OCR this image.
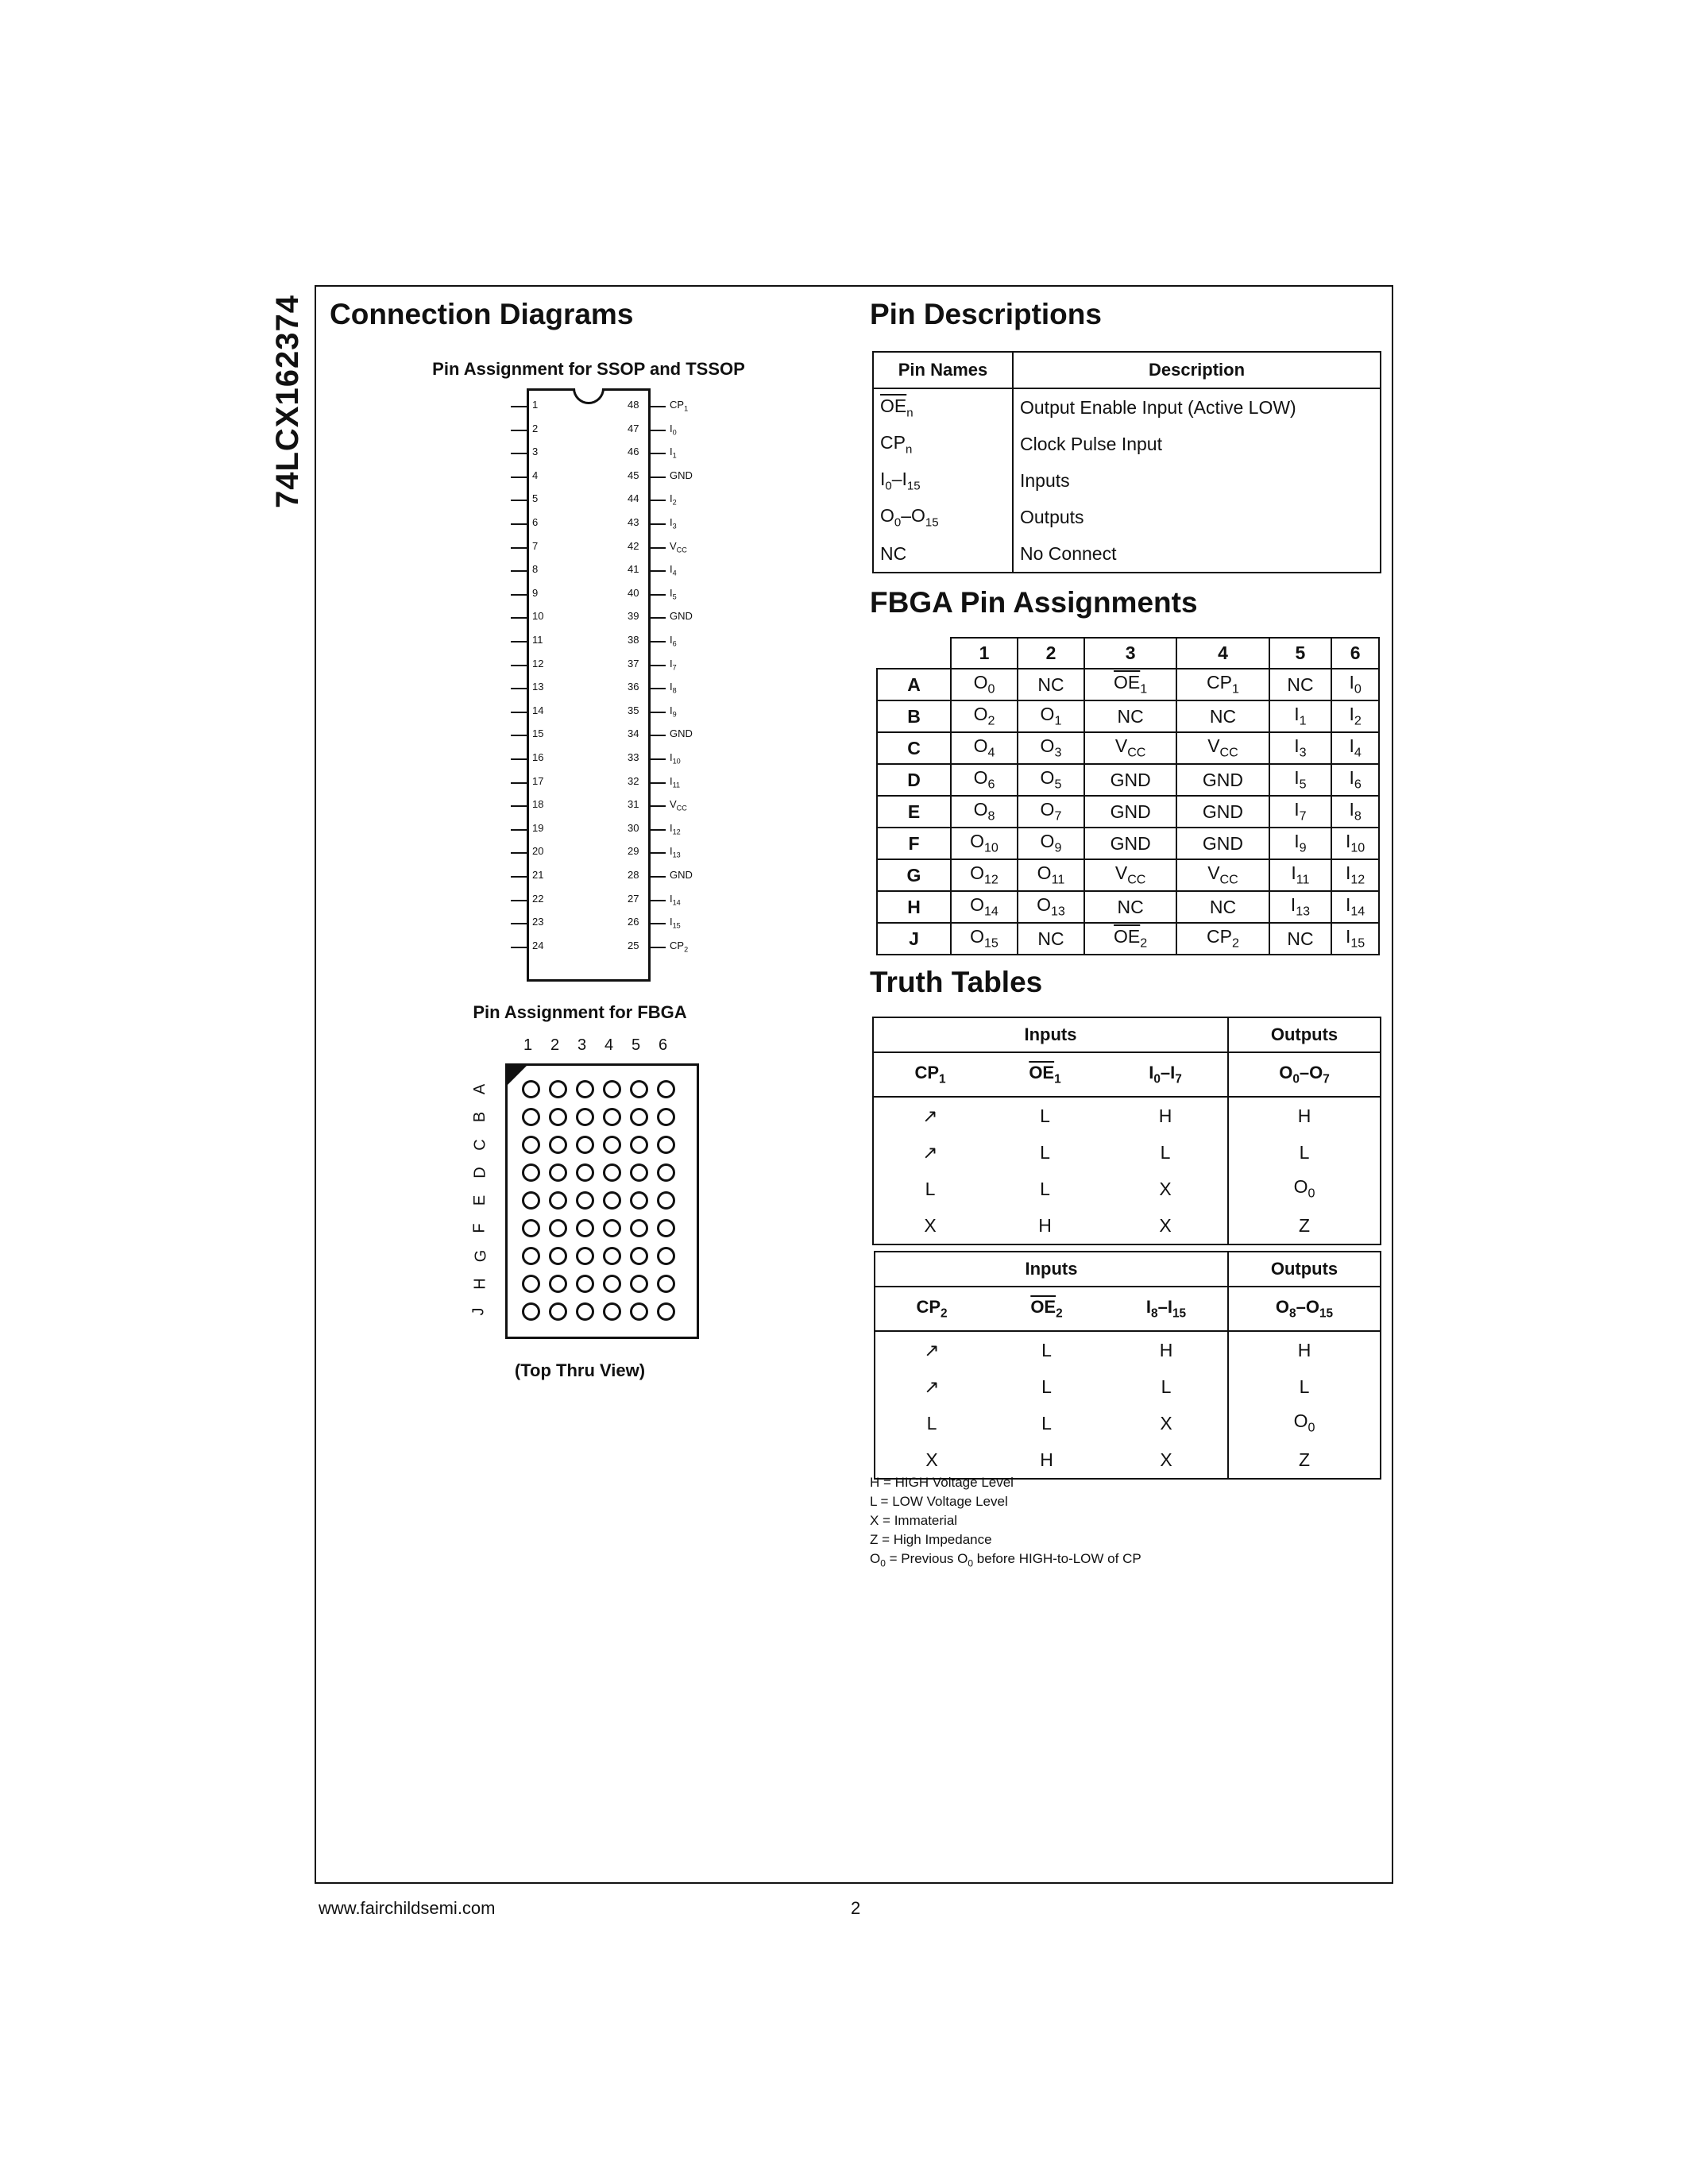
74LCX162374 Connection Diagrams
Pin Assignment for SSOP and TSSOP
1
2
3
4
5
6
7
8
9
10
11
12
13
14
15
16
17
18
19
20
21
22
23
24
48	$CP_1$
47	$I_0$
46	$I_1$
45	GND
44	$I_2$
43	$I_3$
42	$V_{CC}$
41	$I_4$
40	$I_5$
39	GND
38	$I_6$
37	$I_7$
36	$I_8$
35	$I_9$
34	GND
33	$I_{10}$
32	$I_{11}$
31	$V_{CC}$
30	$I_{12}$
29	$I_{13}$
28	GND
27	$I_{14}$
26	$I_{15}$
25	$CP_2$
Pin Assignment for FBGA
1 2 3 4 5 6
A
B
C
D
E
F
G
H
J
(Top Thru View)
Pin Descriptions
Pin Names	Description
$\overline{OE}_n$	Output Enable Input (Active LOW)
$CP_n$	Clock Pulse Input
$I_0-I_{15}$	Inputs
$O_0-O_{15}$	Outputs
NC	No Connect
FBGA Pin Assignments
	1	2	3	4	5	6
A	$O_0$	NC	$\overline{OE}_1$	$CP_1$	NC	$I_0$
B	$O_2$	$O_1$	NC	NC	$I_1$	$I_2$
C	$O_4$	$O_3$	$V_{CC}$	$V_{CC}$	$I_3$	$I_4$
D	$O_6$	$O_5$	GND	GND	$I_5$	$I_6$
E	$O_8$	$O_7$	GND	GND	$I_7$	$I_8$
F	$O_{10}$	$O_9$	GND	GND	$I_9$	$I_{10}$
G	$O_{12}$	$O_{11}$	$V_{CC}$	$V_{CC}$	$I_{11}$	$I_{12}$
H	$O_{14}$	$O_{13}$	NC	NC	$I_{13}$	$I_{14}$
J	$O_{15}$	NC	$\overline{OE}_2$	$CP_2$	NC	$I_{15}$
Truth Tables
Inputs			Outputs
$CP_1$	$\overline{OE}_1$	$I_0-I_7$	$O_0-O_7$
↗	L	H	H
↗	L	L	L
L	L	X	$O_0$
X	H	X	Z
Inputs			Outputs
$CP_2$	$\overline{OE}_2$	$I_8-I_{15}$	$O_8-O_{15}$
↗	L	H	H
↗	L	L	L
L	L	X	$O_0$
X	H	X	Z
H = HIGH Voltage Level
L = LOW Voltage Level
X = Immaterial
Z = High Impedance
$O_0$ = Previous $O_0$ before HIGH-to-LOW of CP
www.fairchildsemi.com	2
